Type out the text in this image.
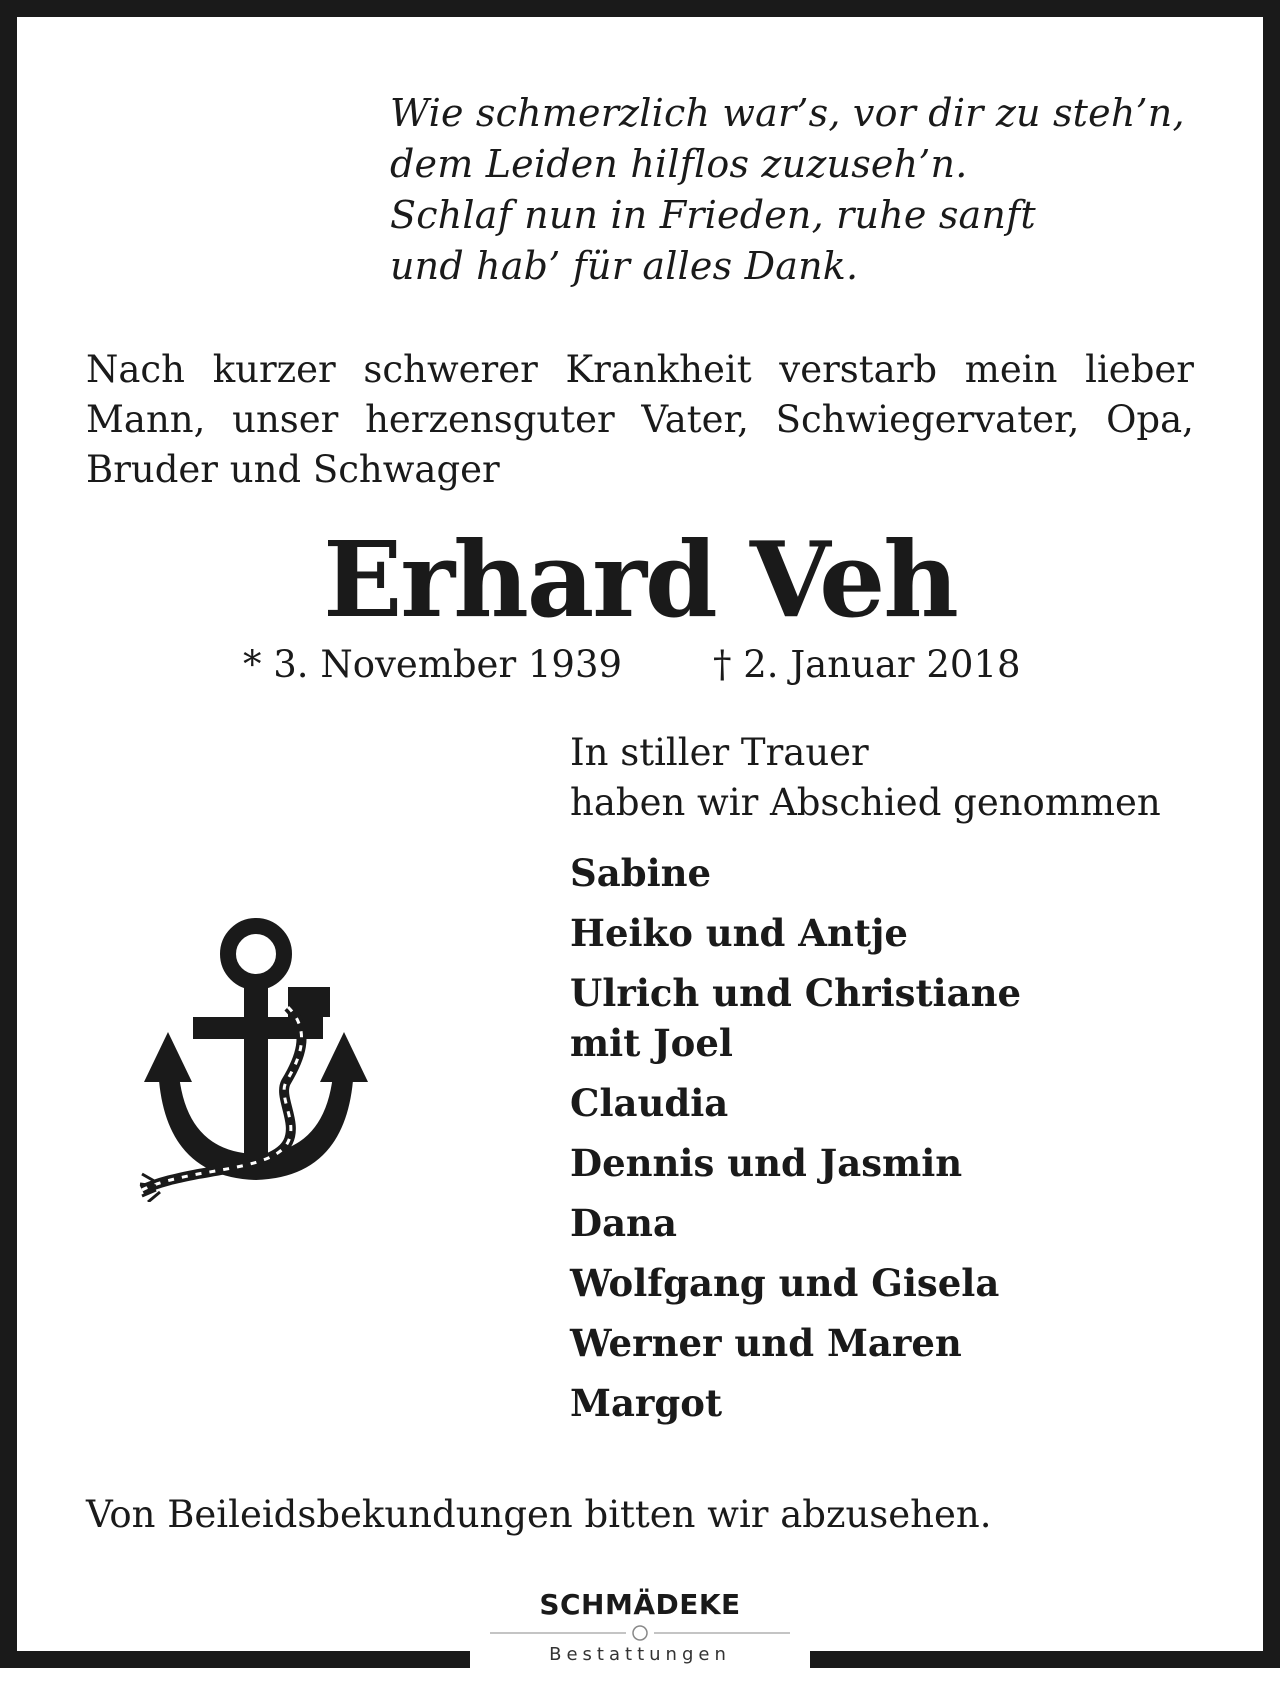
Wie schmerzlich war’s, vor dir zu steh’n,
dem Leiden hilflos zuzuseh’n.
Schlaf nun in Frieden, ruhe sanft
und hab’ für alles Dank.
Nach kurzer schwerer Krankheit verstarb mein lieber
Mann, unser herzensguter Vater, Schwiegervater, Opa,
Bruder und Schwager
Erhard Veh
* 3. November 1939 † 2. Januar 2018
In stiller Trauer
haben wir Abschied genommen
Sabine
Heiko und Antje
Ulrich und Christiane
mit Joel
Claudia
Dennis und Jasmin
Dana
Wolfgang und Gisela
Werner und Maren
Margot
Von Beileidsbekundungen bitten wir abzusehen.
SCHMÄDEKE
Bestattungen
